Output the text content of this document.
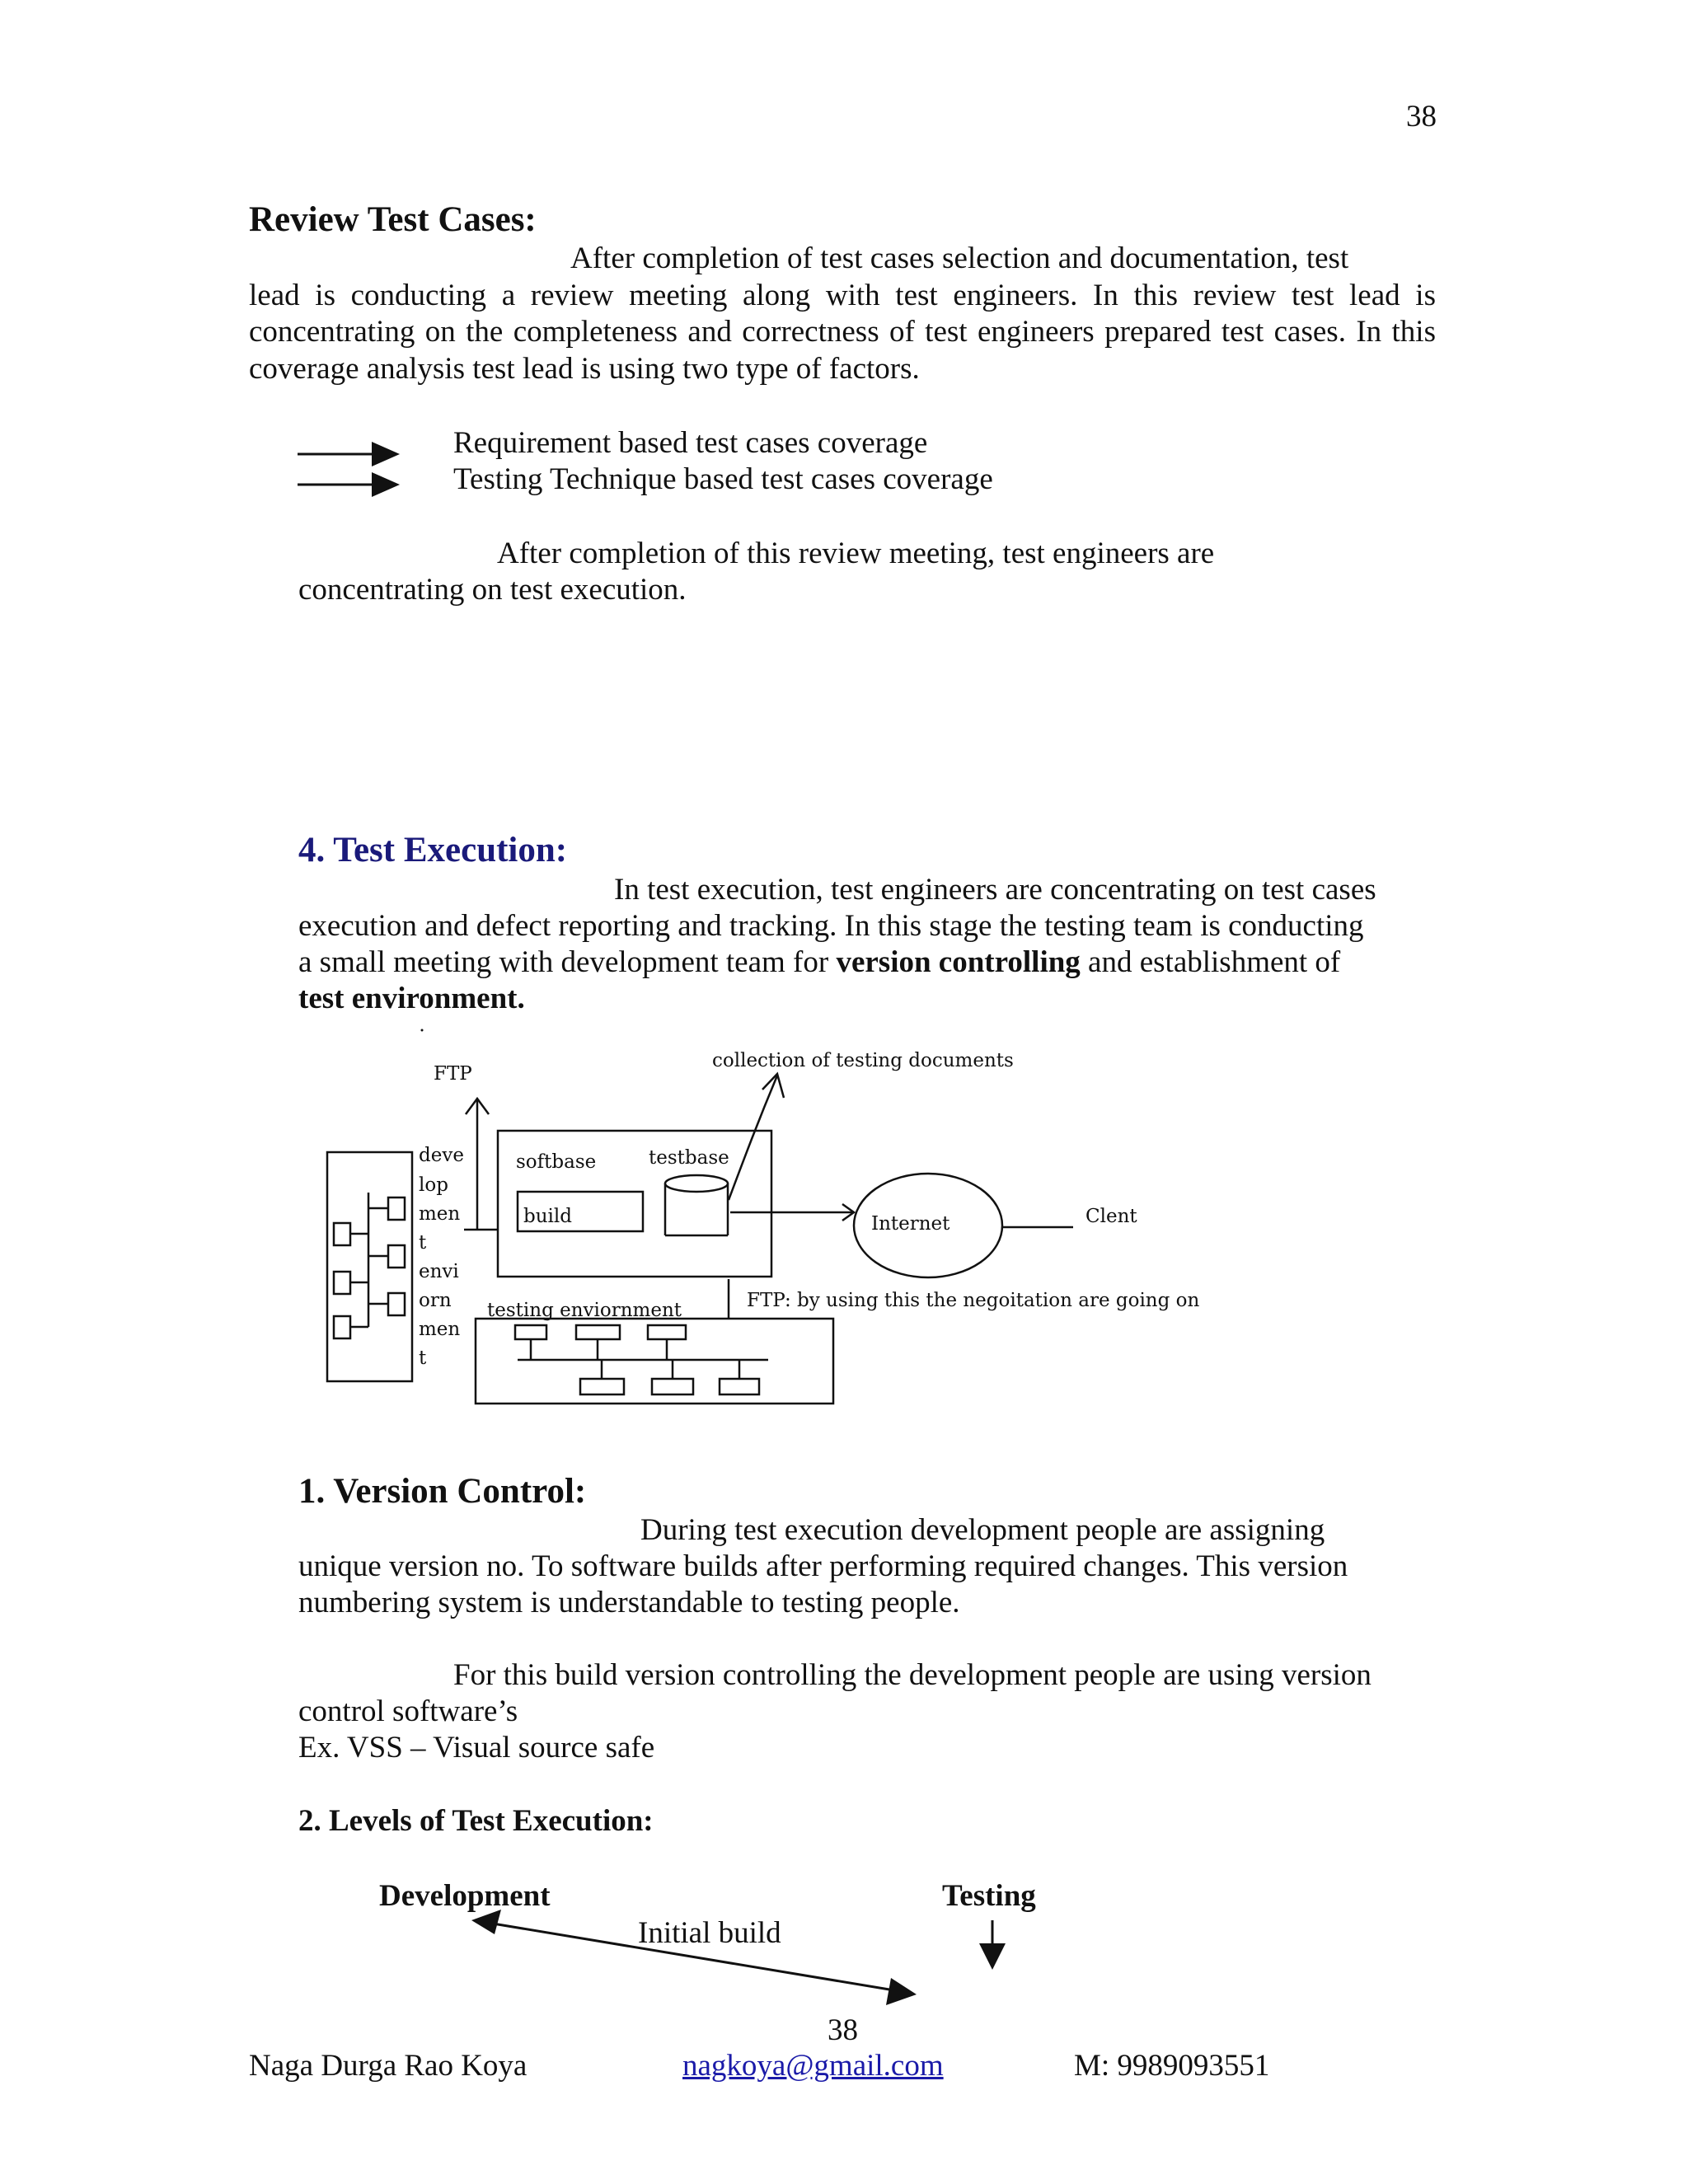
38
Review Test Cases:

After completion of test cases selection and documentation, test

lead is conducting a review meeting along with test engineers. In this review test lead is concentrating on the completeness and correctness of test engineers prepared test cases. In this coverage analysis test lead is using two type of factors.

Requirement based test cases coverage
Testing Technique based test cases coverage
After completion of this review meeting, test engineers are
concentrating on test execution.
4. Test Execution:
In test execution, test engineers are concentrating on test cases
execution and defect reporting and tracking. In this stage the testing team is conducting
a small meeting with development team for version controlling and establishment of
test environment.
FTP
collection of testing documents
deve
lop
men
t
envi
orn
men
t
softbase	testbase
build	Internet	Clent
testing enviornment	FTP: by using this the negoitation are going on
1. Version Control:
During test execution development people are assigning
unique version no. To software builds after performing required changes. This version
numbering system is understandable to testing people.
For this build version controlling the development people are using version
control software’s
Ex. VSS – Visual source safe
2. Levels of Test Execution:
Development	Testing
Initial build
38
Naga Durga Rao Koya	nagkoya@gmail.com	M: 9989093551
